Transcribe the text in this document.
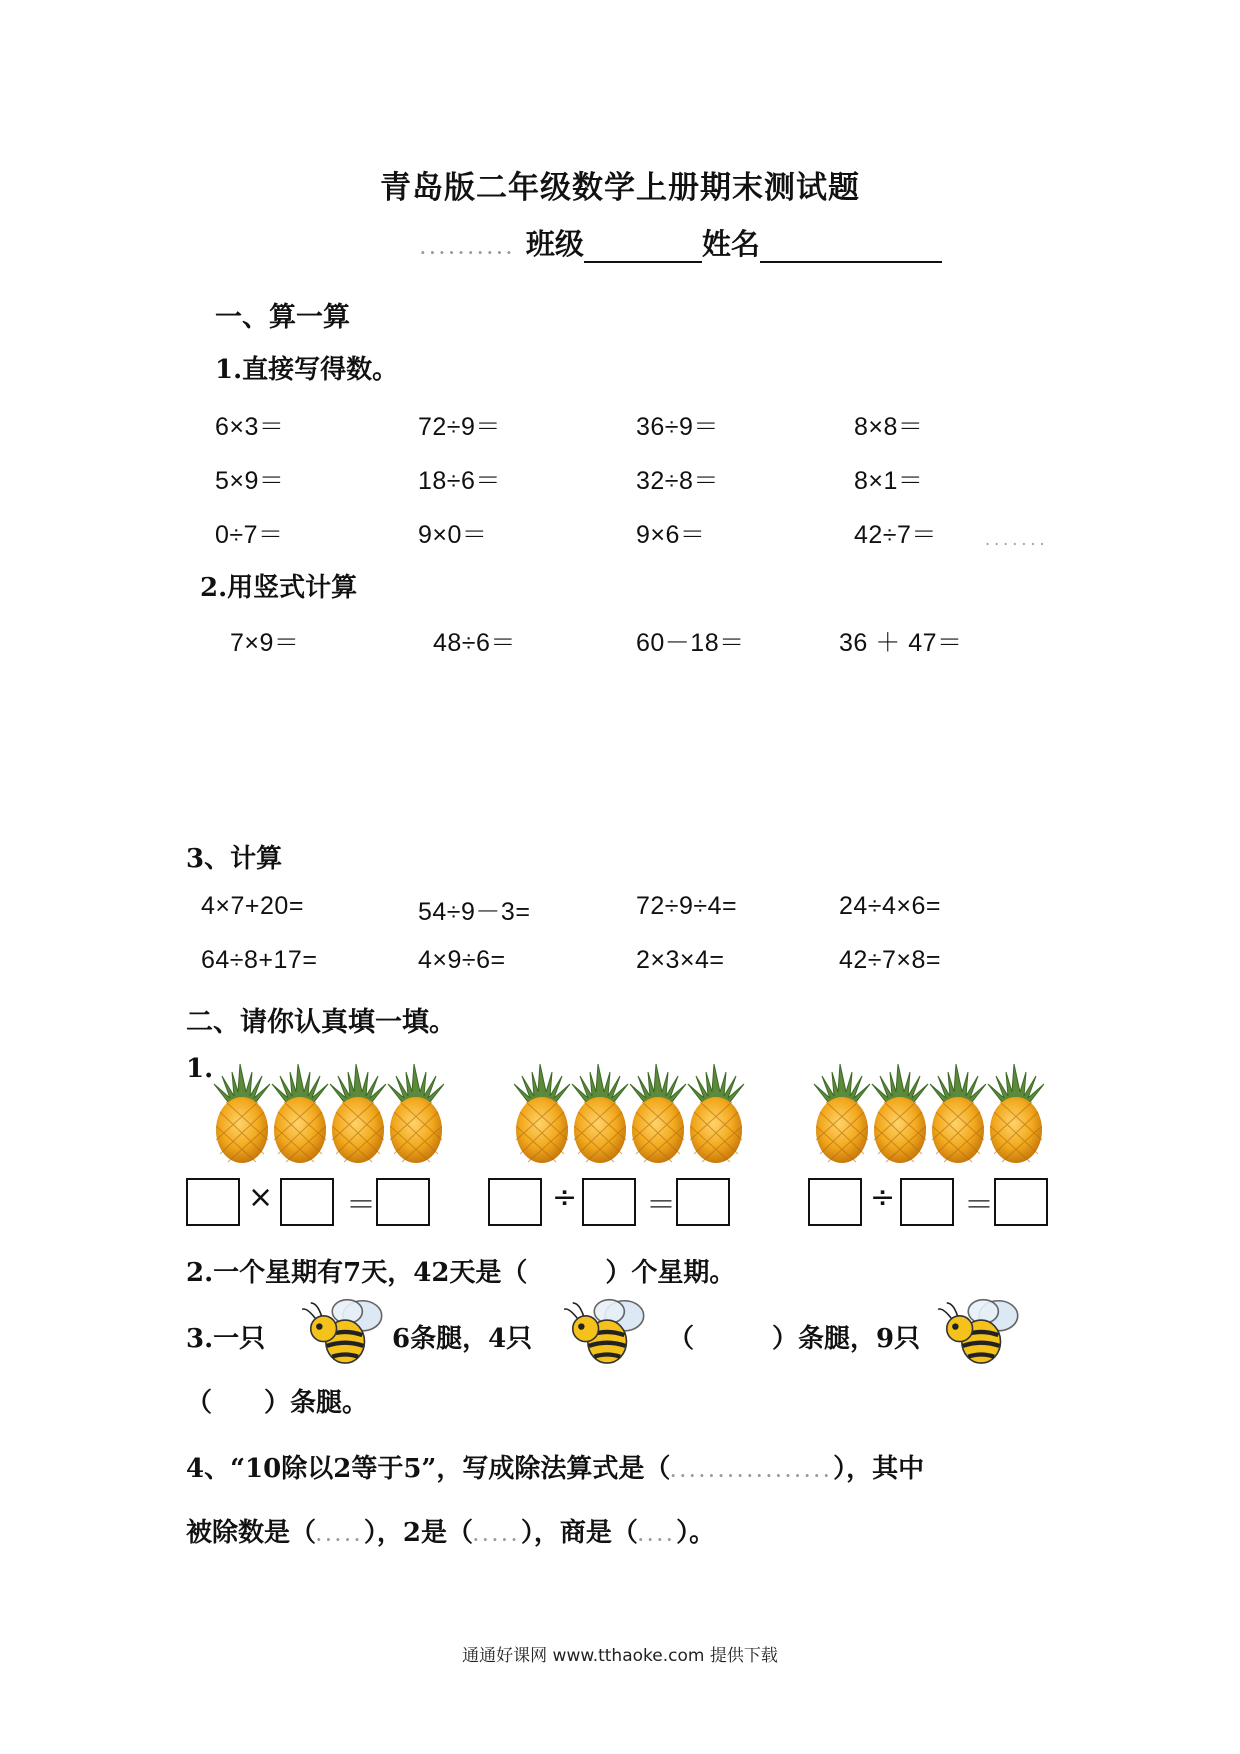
青岛版二年级数学上册期末测试题
.......... 班级	姓名
一、算一算
1.直接写得数。
6×3＝	72÷9＝	36÷9＝	8×8＝
5×9＝	18÷6＝	32÷8＝	8×1＝
0÷7＝	9×0＝	9×6＝	42÷7＝	.......
2.用竖式计算
7×9＝	48÷6＝	60－18＝	36 ＋ 47＝
3、计算
4×7+20=	54÷9－3=	72÷9÷4=	24÷4×6=
64÷8+17=	4×9÷6=	2×3×4=	42÷7×8=
二、请你认真填一填。
1.
× ＝	÷ ＝	÷ ＝
2.一个星期有7天，42天是（　　　）个星期。
3.一只	6条腿，4只	（　　　）条腿，9只
（　　）条腿。
4、“10除以2等于5”，写成除法算式是（.................），其中
被除数是（.....），2是（.....），商是（....）。
通通好课网 www.tthaoke.com 提供下载
